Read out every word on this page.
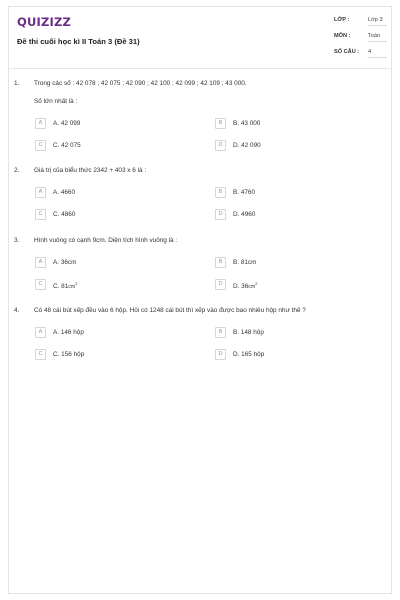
QUIZIZZ
Đề thi cuối học kì II Toán 3 (Đề 31)
LỚP :	Lớp 3
MÔN :	Toán
SỐ CÂU : 4
1. Trong các số : 42 078 ; 42 075 ; 42 090 ; 42 100 ; 42 099 ; 42 109 ; 43 000.
Số lớn nhất là :
A	A. 42 099	B	B. 43 000
C	C. 42 075	D	D. 42 090
2. Giá trị của biểu thức 2342 + 403 x 6 là :
A	A. 4660	B	B. 4760
C	C. 4860	D	D. 4960
3. Hình vuông có cạnh 9cm. Diện tích hình vuông là :
A	A. 36cm	B	B. 81cm
C	C. $81cm^2$	D	D. $36cm^2$
4. Có 48 cái bút xếp đều vào 6 hộp. Hỏi có 1248 cái bút thì xếp vào được bao nhiêu hộp như thế ?
A	A. 146 hộp	B	B. 148 hộp
C	C. 156 hộp	D	D. 165 hộp
